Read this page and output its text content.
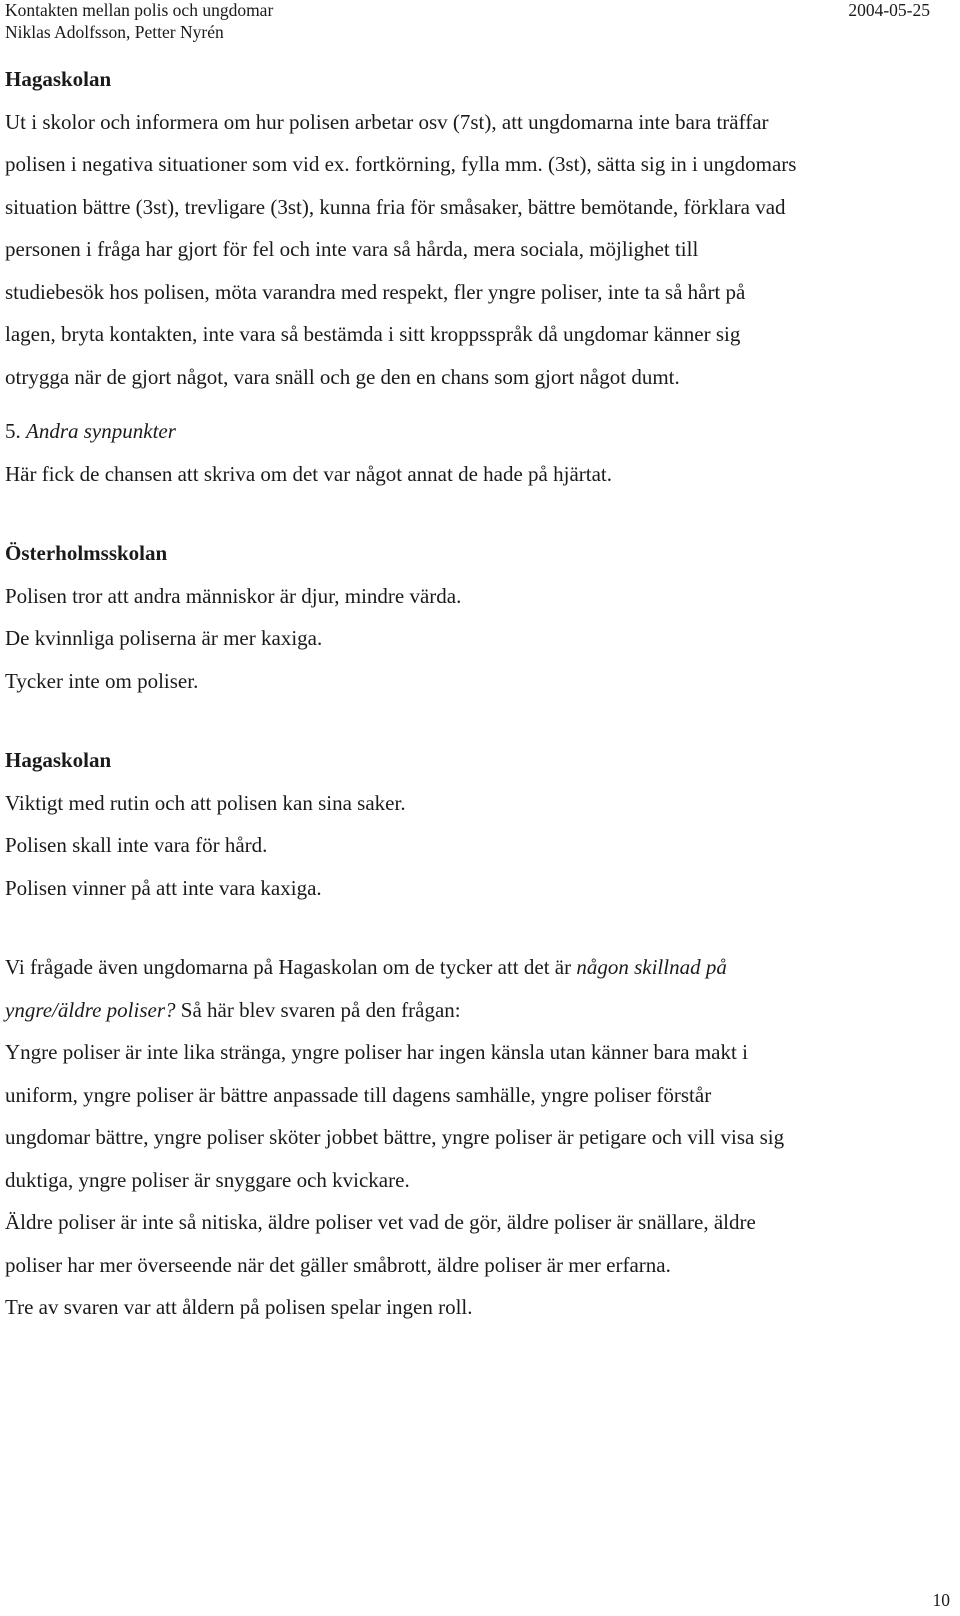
Kontakten mellan polis och ungdomar
Niklas Adolfsson, Petter Nyrén
2004-05-25
Hagaskolan
Ut i skolor och informera om hur polisen arbetar osv (7st), att ungdomarna inte bara träffar
polisen i negativa situationer som vid ex. fortkörning, fylla mm. (3st), sätta sig in i ungdomars
situation bättre (3st), trevligare (3st), kunna fria för småsaker, bättre bemötande, förklara vad
personen i fråga har gjort för fel och inte vara så hårda, mera sociala, möjlighet till
studiebesök hos polisen, möta varandra med respekt, fler yngre poliser, inte ta så hårt på
lagen, bryta kontakten, inte vara så bestämda i sitt kroppsspråk då ungdomar känner sig
otrygga när de gjort något, vara snäll och ge den en chans som gjort något dumt.
5. Andra synpunkter
Här fick de chansen att skriva om det var något annat de hade på hjärtat.
Österholmsskolan
Polisen tror att andra människor är djur, mindre värda.
De kvinnliga poliserna är mer kaxiga.
Tycker inte om poliser.
Hagaskolan
Viktigt med rutin och att polisen kan sina saker.
Polisen skall inte vara för hård.
Polisen vinner på att inte vara kaxiga.
Vi frågade även ungdomarna på Hagaskolan om de tycker att det är någon skillnad på
yngre/äldre poliser? Så här blev svaren på den frågan:
Yngre poliser är inte lika stränga, yngre poliser har ingen känsla utan känner bara makt i
uniform, yngre poliser är bättre anpassade till dagens samhälle, yngre poliser förstår
ungdomar bättre, yngre poliser sköter jobbet bättre, yngre poliser är petigare och vill visa sig
duktiga, yngre poliser är snyggare och kvickare.
Äldre poliser är inte så nitiska, äldre poliser vet vad de gör, äldre poliser är snällare, äldre
poliser har mer överseende när det gäller småbrott, äldre poliser är mer erfarna.
Tre av svaren var att åldern på polisen spelar ingen roll.
10
